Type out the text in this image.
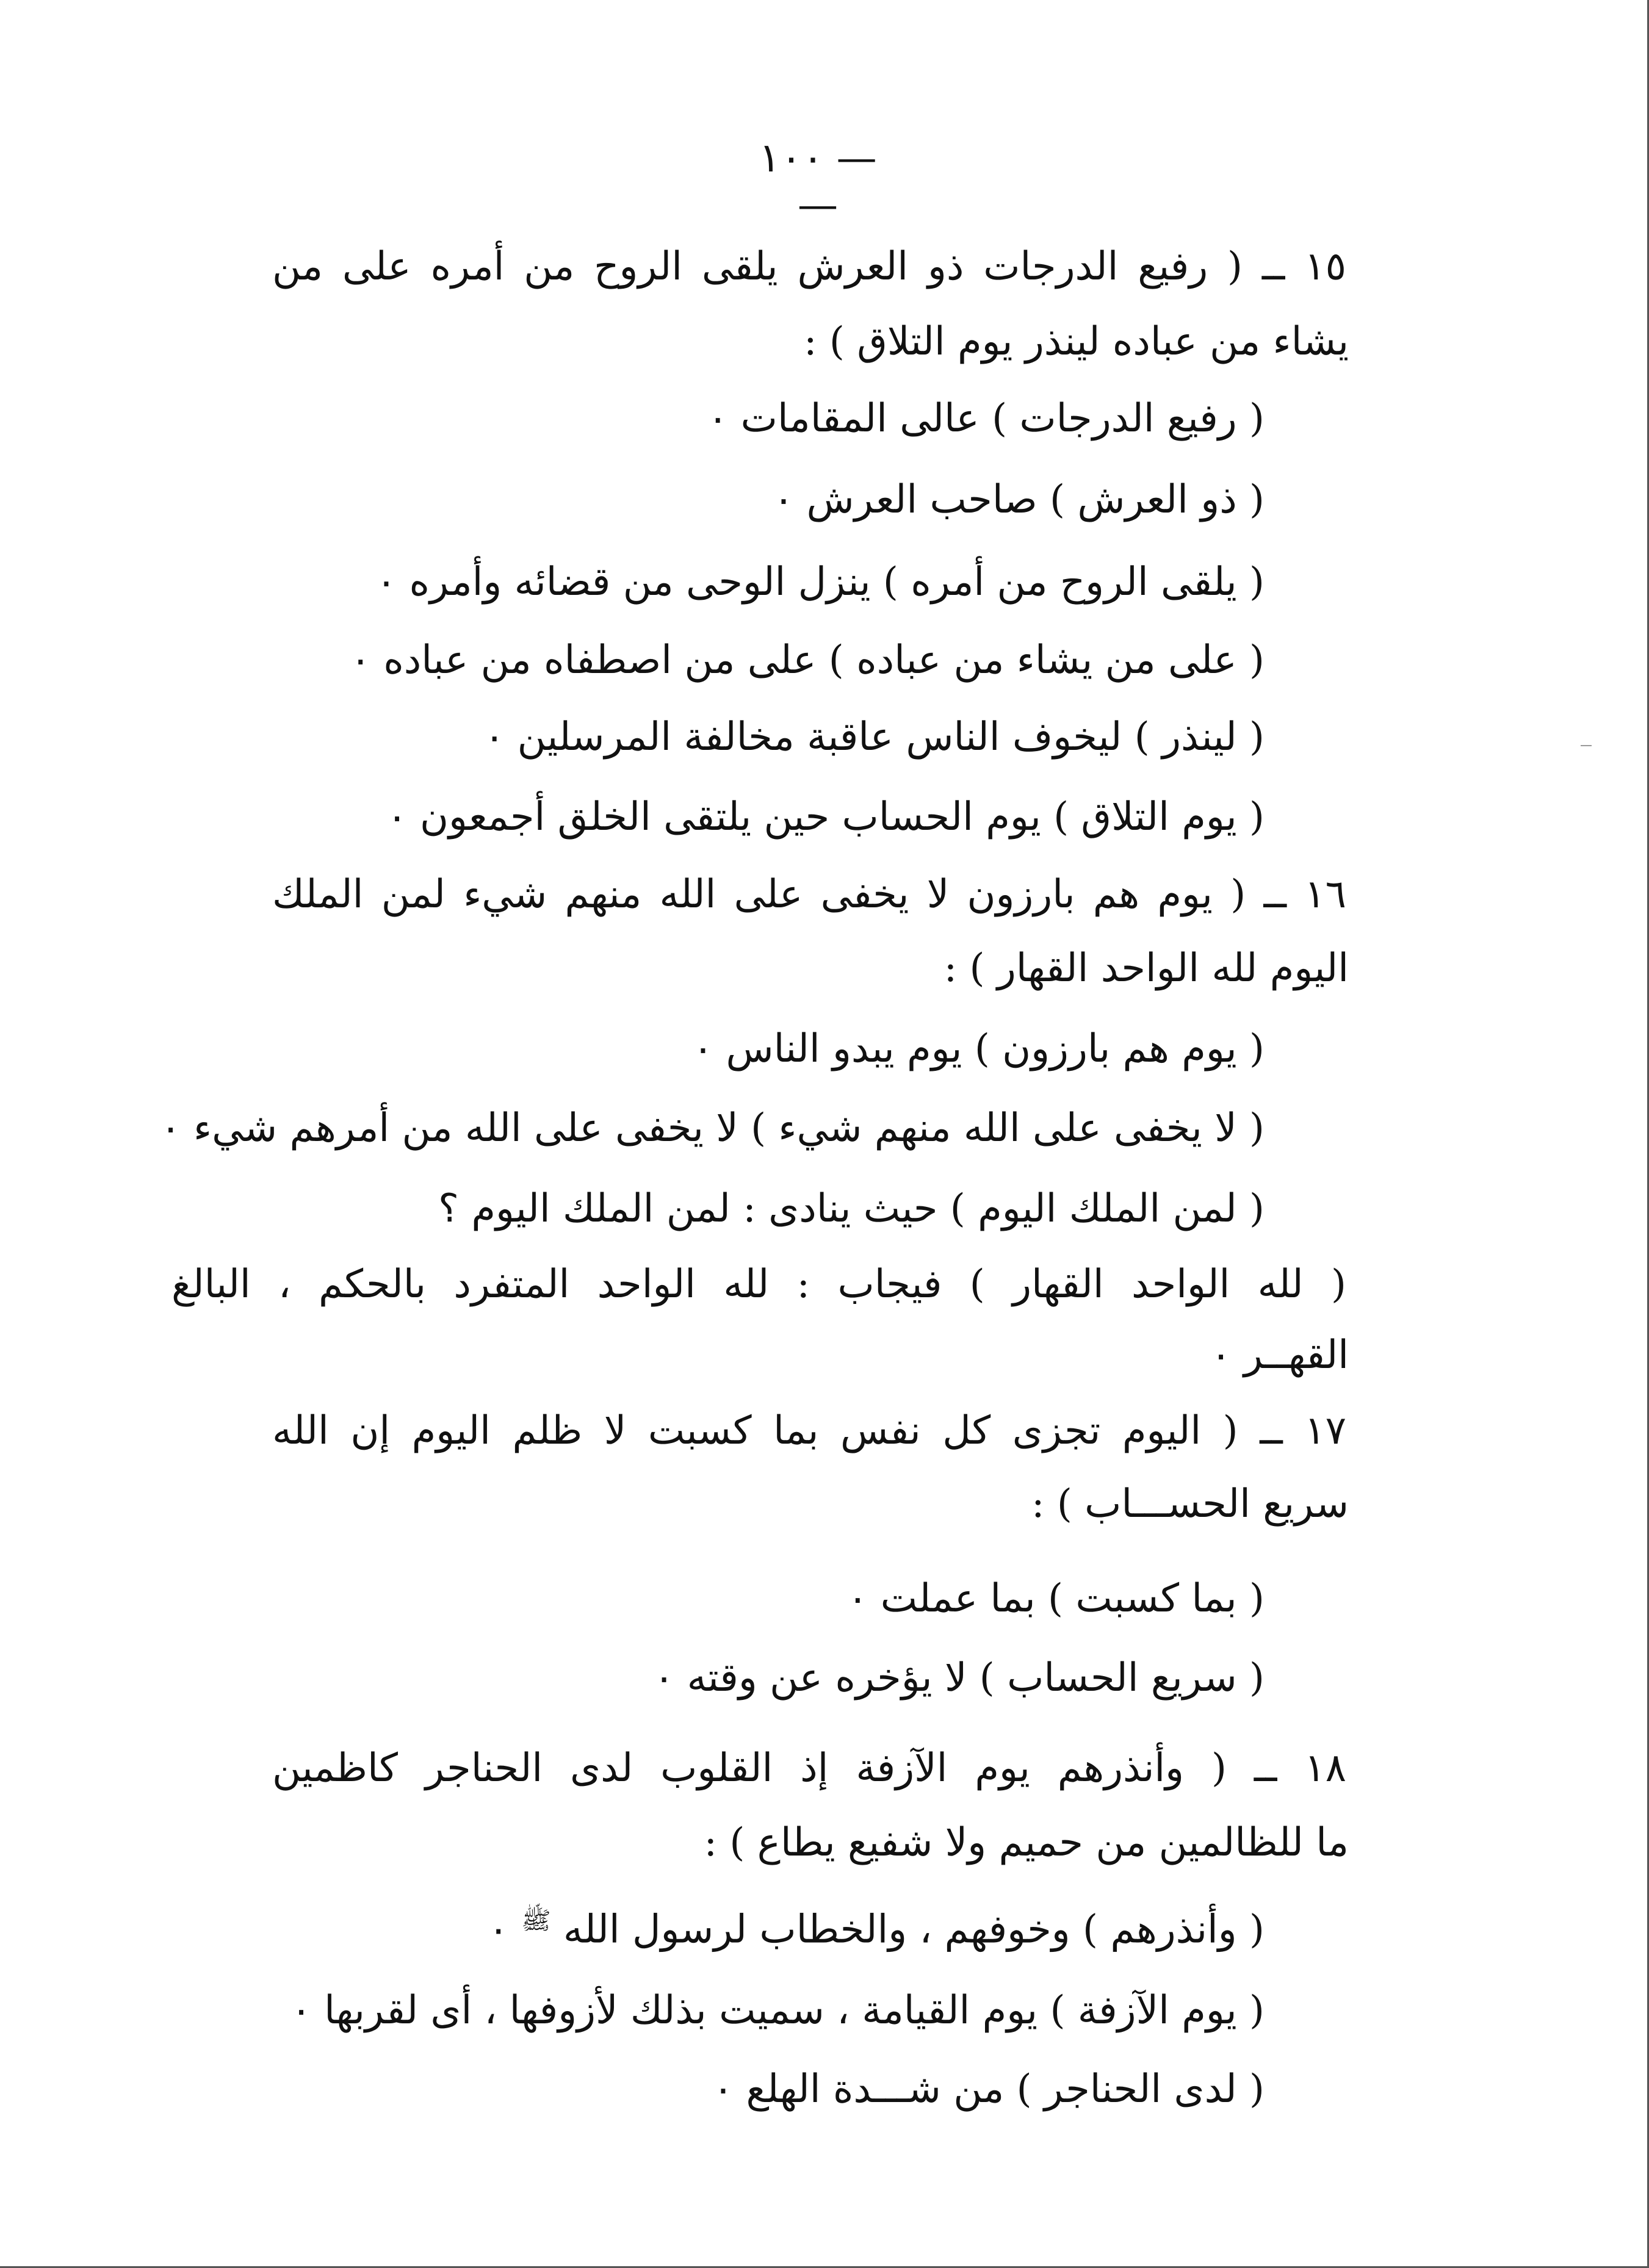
— ١٠٠ —
١٥ ــ ( رفيع الدرجات ذو العرش يلقى الروح من أمره على من
يشاء من عباده لينذر يوم التلاق ) :
( رفيع الدرجات ) عالى المقامات ٠
( ذو العرش ) صاحب العرش ٠
( يلقى الروح من أمره ) ينزل الوحى من قضائه وأمره ٠
( على من يشاء من عباده ) على من اصطفاه من عباده ٠
( لينذر ) ليخوف الناس عاقبة مخالفة المرسلين ٠
( يوم التلاق ) يوم الحساب حين يلتقى الخلق أجمعون ٠
١٦ ــ ( يوم هم بارزون لا يخفى على الله منهم شيء لمن الملك
اليوم لله الواحد القهار ) :
( يوم هم بارزون ) يوم يبدو الناس ٠
( لا يخفى على الله منهم شيء ) لا يخفى على الله من أمرهم شيء ٠
( لمن الملك اليوم ) حيث ينادى : لمن الملك اليوم ؟
( لله الواحد القهار ) فيجاب : لله الواحد المتفرد بالحكم ، البالغ
القهــر ٠
١٧ ــ ( اليوم تجزى كل نفس بما كسبت لا ظلم اليوم إن الله
سريع الحســـاب ) :
( بما كسبت ) بما عملت ٠
( سريع الحساب ) لا يؤخره عن وقته ٠
١٨ ــ ( وأنذرهم يوم الآزفة إذ القلوب لدى الحناجر كاظمين
ما للظالمين من حميم ولا شفيع يطاع ) :
( وأنذرهم ) وخوفهم ، والخطاب لرسول الله $^ﷺ$ ٠
( يوم الآزفة ) يوم القيامة ، سميت بذلك لأزوفها ، أى لقربها ٠
( لدى الحناجر ) من شـــدة الهلع ٠
